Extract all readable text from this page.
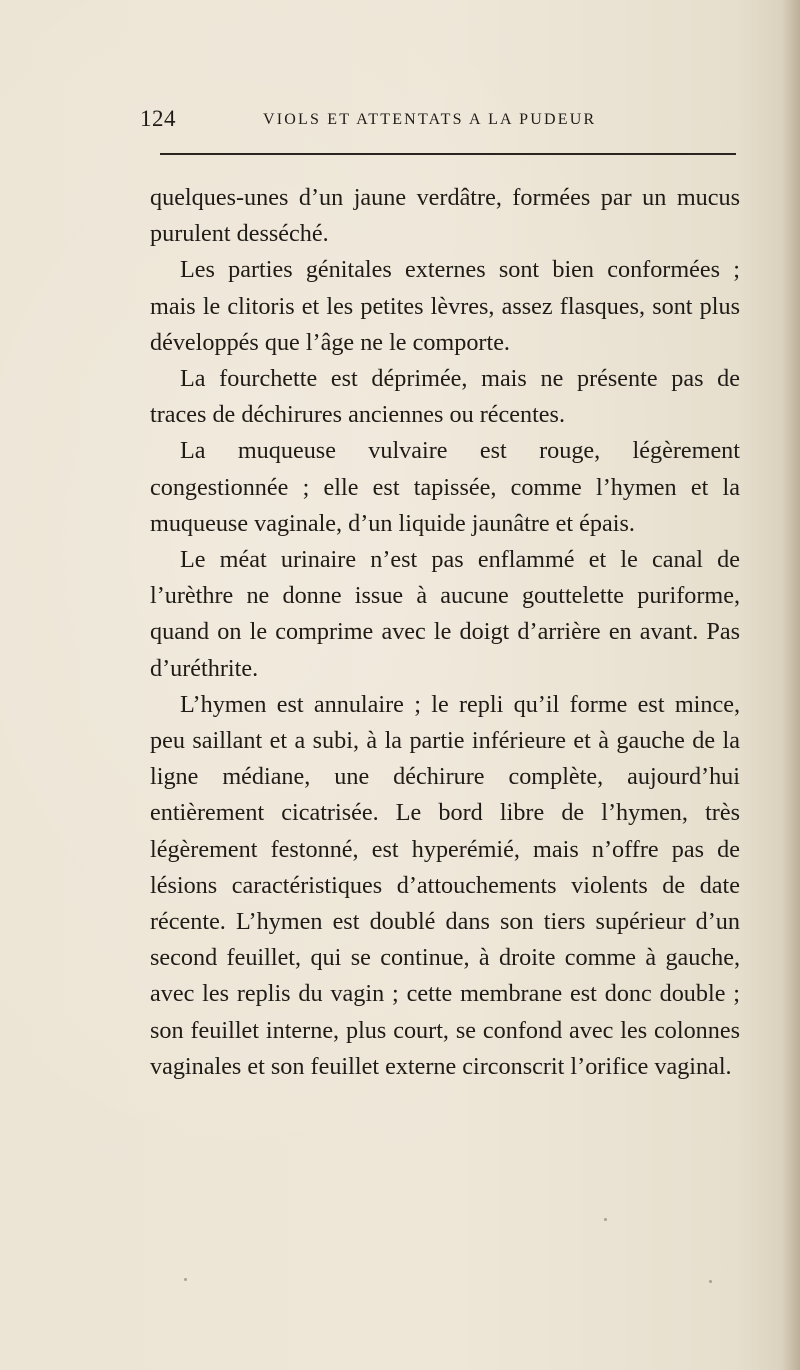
124	VIOLS ET ATTENTATS A LA PUDEUR

quelques-unes d’un jaune verdâtre, formées par un mucus purulent desséché.

Les parties génitales externes sont bien conformées ; mais le clitoris et les petites lèvres, assez flasques, sont plus développés que l’âge ne le comporte.

La fourchette est déprimée, mais ne présente pas de traces de déchirures anciennes ou récentes.

La muqueuse vulvaire est rouge, légèrement congestionnée ; elle est tapissée, comme l’hymen et la muqueuse vaginale, d’un liquide jaunâtre et épais.

Le méat urinaire n’est pas enflammé et le canal de l’urèthre ne donne issue à aucune gouttelette puriforme, quand on le comprime avec le doigt d’arrière en avant. Pas d’uréthrite.

L’hymen est annulaire ; le repli qu’il forme est mince, peu saillant et a subi, à la partie inférieure et à gauche de la ligne médiane, une déchirure complète, aujourd’hui entièrement cicatrisée. Le bord libre de l’hymen, très légèrement festonné, est hyperémié, mais n’offre pas de lésions caractéristiques d’attouchements violents de date récente. L’hymen est doublé dans son tiers supérieur d’un second feuillet, qui se continue, à droite comme à gauche, avec les replis du vagin ; cette membrane est donc double ; son feuillet interne, plus court, se confond avec les colonnes vaginales et son feuillet externe circonscrit l’orifice vaginal.
